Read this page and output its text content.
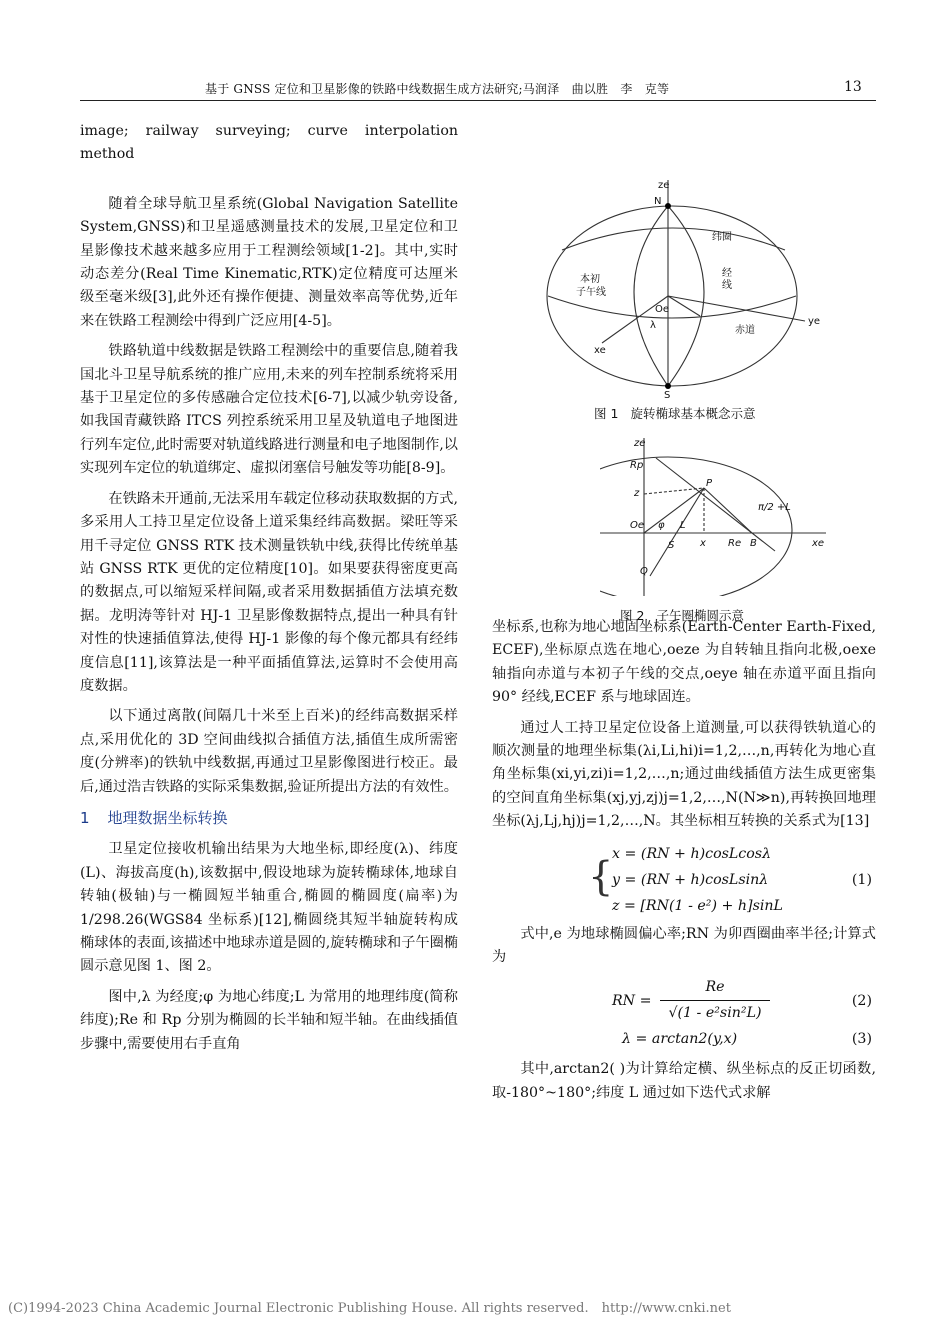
基于 GNSS 定位和卫星影像的铁路中线数据生成方法研究;马润泽　曲以胜　李　克等	13

image; railway surveying; curve interpolation method

随着全球导航卫星系统(Global Navigation Satellite System,GNSS)和卫星遥感测量技术的发展,卫星定位和卫星影像技术越来越多应用于工程测绘领域[1-2]。其中,实时动态差分(Real Time Kinematic,RTK)定位精度可达厘米级至毫米级[3],此外还有操作便捷、测量效率高等优势,近年来在铁路工程测绘中得到广泛应用[4-5]。

铁路轨道中线数据是铁路工程测绘中的重要信息,随着我国北斗卫星导航系统的推广应用,未来的列车控制系统将采用基于卫星定位的多传感融合定位技术[6-7],以减少轨旁设备,如我国青藏铁路 ITCS 列控系统采用卫星及轨道电子地图进行列车定位,此时需要对轨道线路进行测量和电子地图制作,以实现列车定位的轨道绑定、虚拟闭塞信号触发等功能[8-9]。

在铁路未开通前,无法采用车载定位移动获取数据的方式,多采用人工持卫星定位设备上道采集经纬高数据。梁旺等采用千寻定位 GNSS RTK 技术测量铁轨中线,获得比传统单基站 GNSS RTK 更优的定位精度[10]。如果要获得密度更高的数据点,可以缩短采样间隔,或者采用数据插值方法填充数据。龙明涛等针对 HJ-1 卫星影像数据特点,提出一种具有针对性的快速插值算法,使得 HJ-1 影像的每个像元都具有经纬度信息[11],该算法是一种平面插值算法,运算时不会使用高度数据。

以下通过离散(间隔几十米至上百米)的经纬高数据采样点,采用优化的 3D 空间曲线拟合插值方法,插值生成所需密度(分辨率)的铁轨中线数据,再通过卫星影像图进行校正。最后,通过浩吉铁路的实际采集数据,验证所提出方法的有效性。

1 地理数据坐标转换

卫星定位接收机输出结果为大地坐标,即经度(λ)、纬度(L)、海拔高度(h),该数据中,假设地球为旋转椭球体,地球自转轴(极轴)与一椭圆短半轴重合,椭圆的椭圆度(扁率)为 1/298.26(WGS84 坐标系)[12],椭圆绕其短半轴旋转构成椭球体的表面,该描述中地球赤道是圆的,旋转椭球和子午圈椭圆示意见图 1、图 2。

图中,λ 为经度;φ 为地心纬度;L 为常用的地理纬度(简称纬度);Re 和 Rp 分别为椭圆的长半轴和短半轴。在曲线插值步骤中,需要使用右手直角

ze
N
纬圈
经
线
本初
子午线
Oe
ye
xe
λ	赤道
S
图 1 旋转椭球基本概念示意
ze
Rp
z
P
Oe φ L
S	x Re B
Q
xe
π/2 +L
图 2 子午圈椭圆示意

坐标系,也称为地心地固坐标系(Earth-Center Earth-Fixed, ECEF),坐标原点选在地心,oeze 为自转轴且指向北极,oexe 轴指向赤道与本初子午线的交点,oeye 轴在赤道平面且指向 90° 经线,ECEF 系与地球固连。

通过人工持卫星定位设备上道测量,可以获得铁轨道心的顺次测量的地理坐标集(λi,Li,hi)i=1,2,…,n,再转化为地心直角坐标集(xi,yi,zi)i=1,2,…,n;通过曲线插值方法生成更密集的空间直角坐标集(xj,yj,zj)j=1,2,…,N(N≫n),再转换回地理坐标(λj,Lj,hj)j=1,2,…,N。其坐标相互转换的关系式为[13]

{
x = (RN + h)cosLcosλ
y = (RN + h)cosLsinλ
z = [RN(1 - e²) + h]sinL
(1)

式中,e 为地球椭圆偏心率;RN 为卯酉圈曲率半径;计算式为

RN =
Re
√(1 - e²sin²L)
(2)
λ = arctan2(y,x)	(3)

其中,arctan2( )为计算给定横、纵坐标点的反正切函数,取-180°~180°;纬度 L 通过如下迭代式求解

(C)1994-2023 China Academic Journal Electronic Publishing House. All rights reserved.　http://www.cnki.net
